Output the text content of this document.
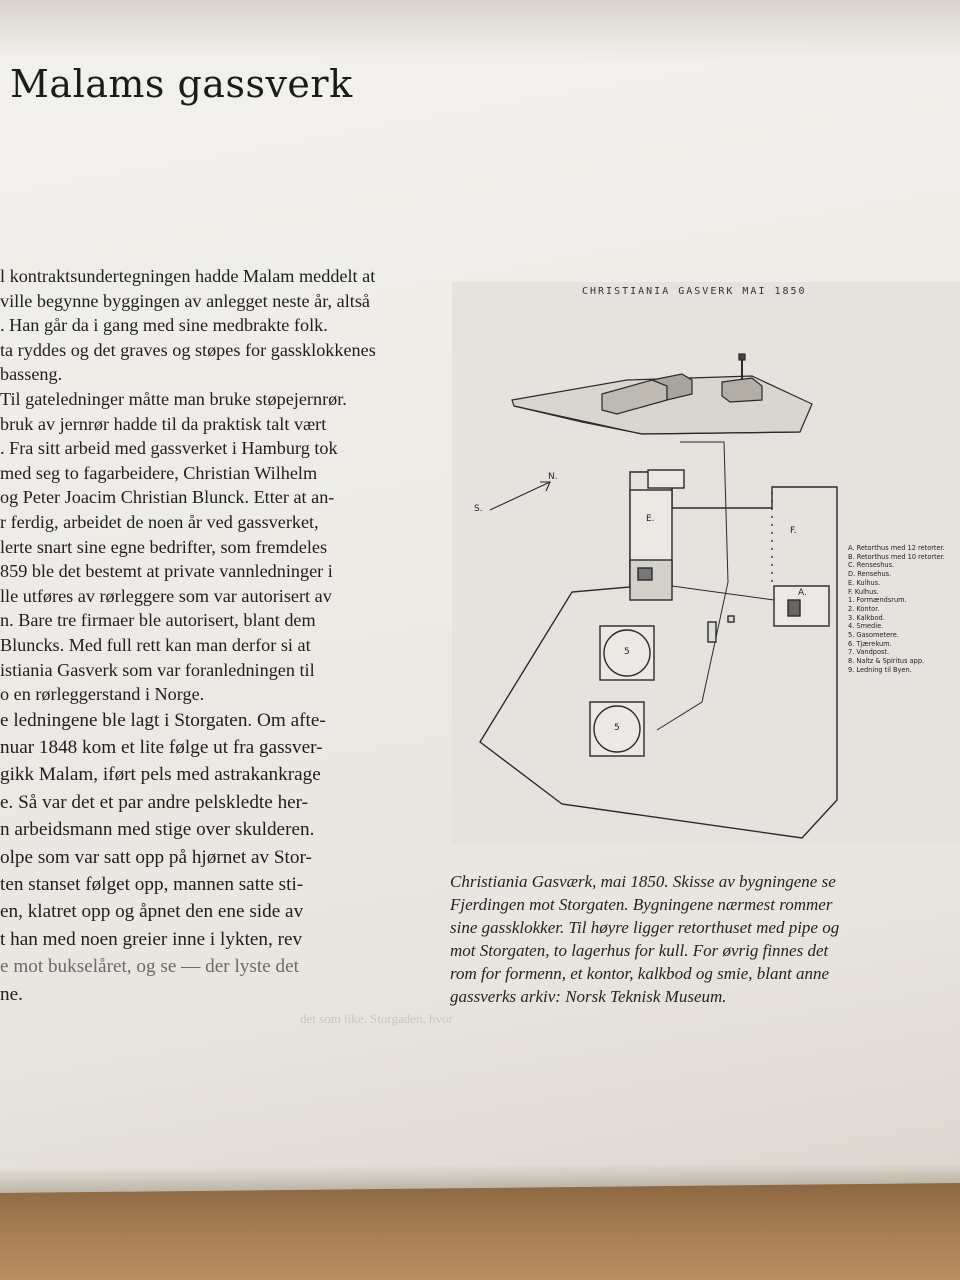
Malams gassverk
l kontraktsundertegningen hadde Malam meddelt at
ville begynne byggingen av anlegget neste år, altså
. Han går da i gang med sine medbrakte folk.
ta ryddes og det graves og støpes for gassklokkenes
basseng.
Til gateledninger måtte man bruke støpejernrør.
bruk av jernrør hadde til da praktisk talt vært
. Fra sitt arbeid med gassverket i Hamburg tok
med seg to fagarbeidere, Christian Wilhelm
og Peter Joacim Christian Blunck. Etter at an-
r ferdig, arbeidet de noen år ved gassverket,
lerte snart sine egne bedrifter, som fremdeles
859 ble det bestemt at private vannledninger i
lle utføres av rørleggere som var autorisert av
n. Bare tre firmaer ble autorisert, blant dem
Bluncks. Med full rett kan man derfor si at
istiania Gasverk som var foranledningen til
o en rørleggerstand i Norge.
e ledningene ble lagt i Storgaten. Om afte-
nuar 1848 kom et lite følge ut fra gassver-
gikk Malam, iført pels med astrakankrage
e. Så var det et par andre pelskledte her-
n arbeidsmann med stige over skulderen.
olpe som var satt opp på hjørnet av Stor-
ten stanset følget opp, mannen satte sti-
en, klatret opp og åpnet den ene side av
t han med noen greier inne i lykten, rev
e mot bukselåret, og se — der lyste det
ne.
det som like. Storgaden, hvor
CHRISTIANIA GASVERK MAI 1850
S.
N.
E.
F.
A.
5
5
A. Retorthus med 12 retorter.
B. Retorthus med 10 retorter.
C. Renseshus.
D. Rensehus.
E. Kulhus.
F. Kulhus.
1. Formændsrum.
2. Kontor.
3. Kalkbod.
4. Smedie.
5. Gasometere.
6. Tjærekum.
7. Vandpost.
8. Naltz & Spiritus app.
9. Ledning til Byen.
Christiania Gasværk, mai 1850. Skisse av bygningene se
Fjerdingen mot Storgaten. Bygningene nærmest rommer
sine gassklokker. Til høyre ligger retorthuset med pipe og
mot Storgaten, to lagerhus for kull. For øvrig finnes det
rom for formenn, et kontor, kalkbod og smie, blant anne
gassverks arkiv: Norsk Teknisk Museum.
